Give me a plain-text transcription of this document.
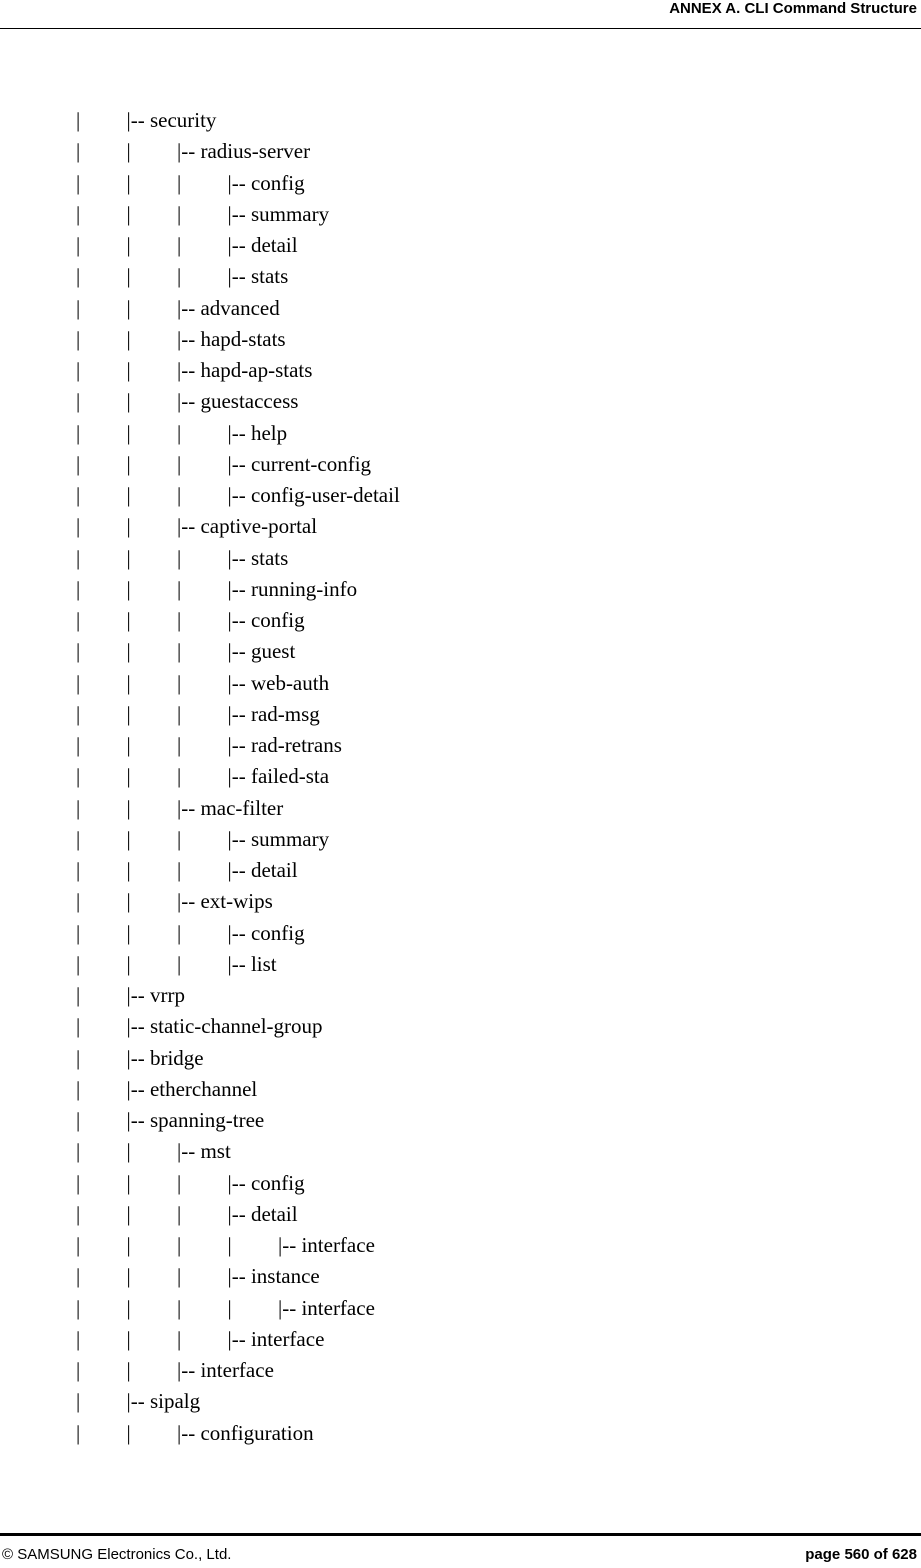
ANNEX A. CLI Command Structure
| |-- security
| | |-- radius-server
| | | |-- config
| | | |-- summary
| | | |-- detail
| | | |-- stats
| | |-- advanced
| | |-- hapd-stats
| | |-- hapd-ap-stats
| | |-- guestaccess
| | | |-- help
| | | |-- current-config
| | | |-- config-user-detail
| | |-- captive-portal
| | | |-- stats
| | | |-- running-info
| | | |-- config
| | | |-- guest
| | | |-- web-auth
| | | |-- rad-msg
| | | |-- rad-retrans
| | | |-- failed-sta
| | |-- mac-filter
| | | |-- summary
| | | |-- detail
| | |-- ext-wips
| | | |-- config
| | | |-- list
| |-- vrrp
| |-- static-channel-group
| |-- bridge
| |-- etherchannel
| |-- spanning-tree
| | |-- mst
| | | |-- config
| | | |-- detail
| | | | |-- interface
| | | |-- instance
| | | | |-- interface
| | | |-- interface
| | |-- interface
| |-- sipalg
| | |-- configuration
© SAMSUNG Electronics Co., Ltd.	page 560 of 628
